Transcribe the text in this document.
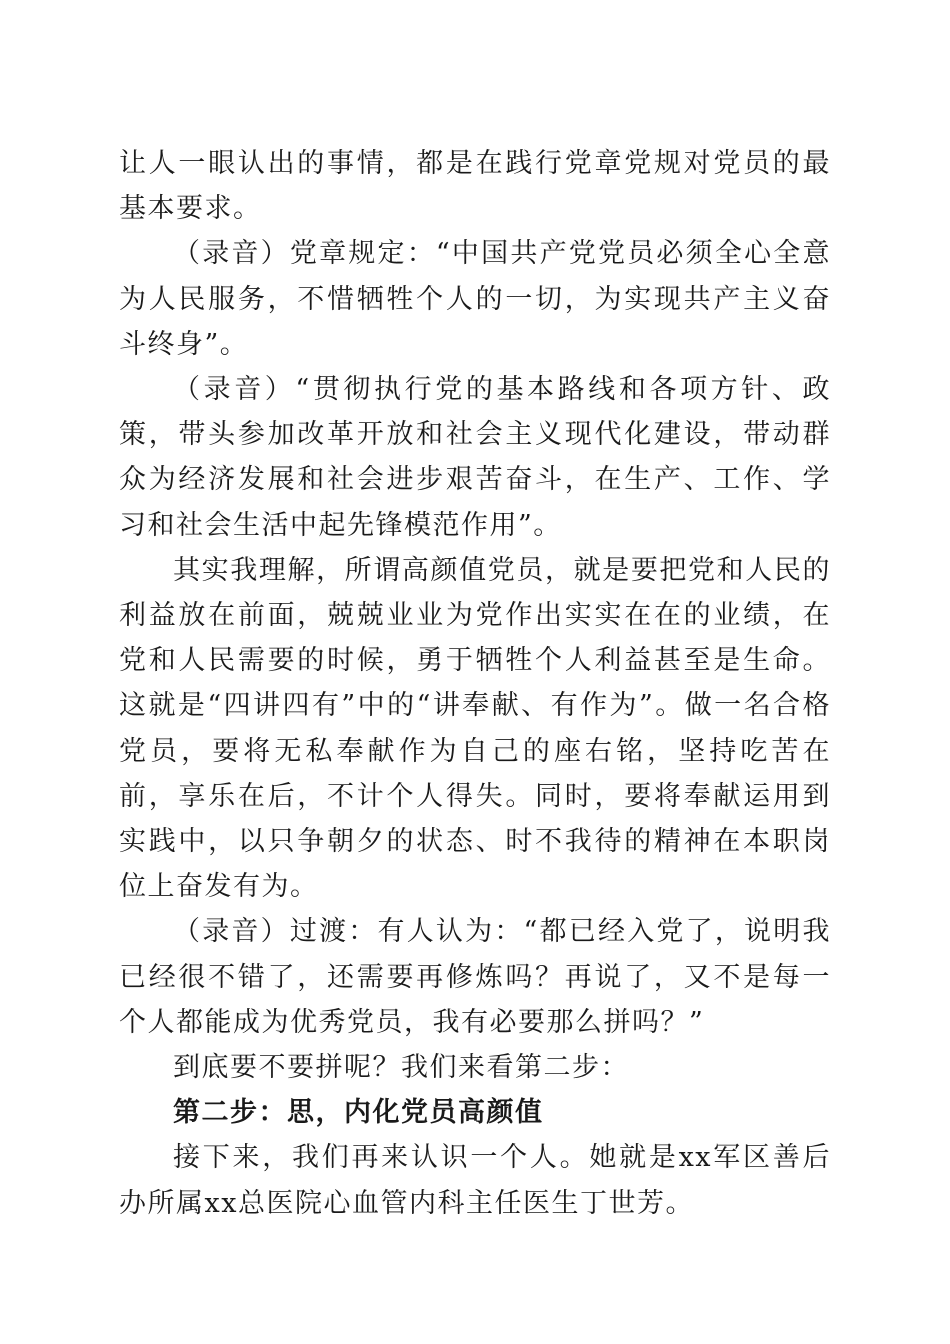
让人一眼认出的事情，都是在践行党章党规对党员的最基本要求。

（录音）党章规定：“中国共产党党员必须全心全意为人民服务，不惜牺牲个人的一切，为实现共产主义奋斗终身”。

（录音）“贯彻执行党的基本路线和各项方针、政策，带头参加改革开放和社会主义现代化建设，带动群众为经济发展和社会进步艰苦奋斗，在生产、工作、学习和社会生活中起先锋模范作用”。

其实我理解，所谓高颜值党员，就是要把党和人民的利益放在前面，兢兢业业为党作出实实在在的业绩，在党和人民需要的时候，勇于牺牲个人利益甚至是生命。这就是“四讲四有”中的“讲奉献、有作为”。做一名合格党员，要将无私奉献作为自己的座右铭，坚持吃苦在前，享乐在后，不计个人得失。同时，要将奉献运用到实践中，以只争朝夕的状态、时不我待的精神在本职岗位上奋发有为。

（录音）过渡：有人认为：“都已经入党了，说明我已经很不错了，还需要再修炼吗？再说了，又不是每一个人都能成为优秀党员，我有必要那么拼吗？”

到底要不要拼呢？我们来看第二步：

第二步：思，内化党员高颜值

接下来，我们再来认识一个人。她就是xx军区善后办所属xx总医院心血管内科主任医生丁世芳。
